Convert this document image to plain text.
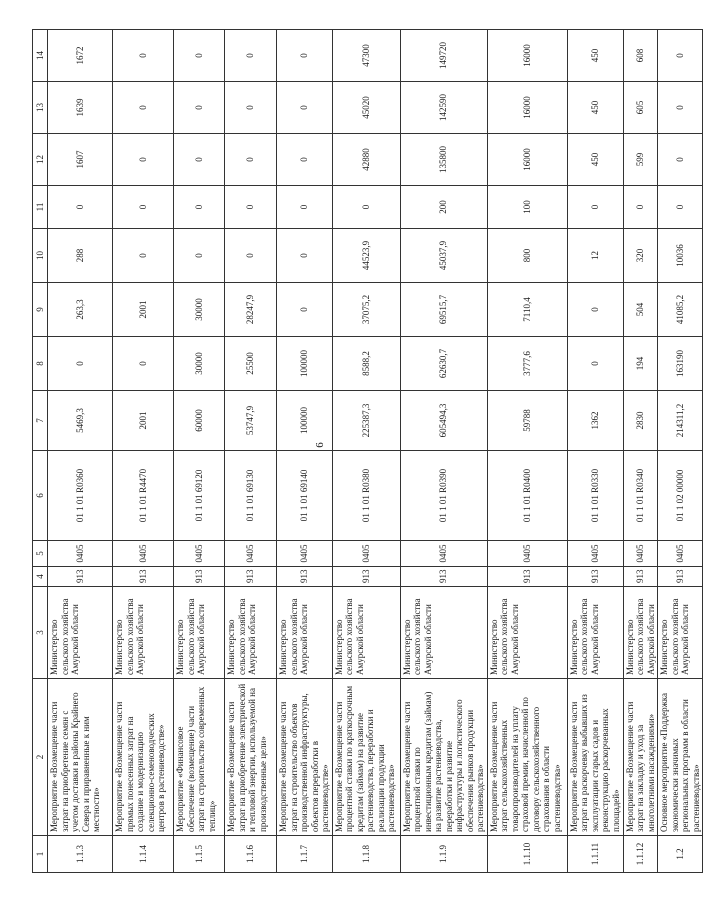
6
1	2	3	4	5	6	7	8	9	10	11	12	13	14
1.1.3	Мероприятие «Возмещение части затрат на приобретение семян с учетом доставки в районы Крайнего Севера и приравненные к ним местности»	Министерство сельского хозяйства Амурской области	913	0405	01 1 01 R0360	5469,3	0	263,3	288	0	1607	1639	1672
1.1.4	Мероприятие «Возмещение части прямых понесенных затрат на создание и модернизацию селекционно-семеноводческих центров в растениеводстве»	Министерство сельского хозяйства Амурской области	913	0405	01 1 01 R4470	2001	0	2001	0	0	0	0	0
1.1.5	Мероприятие «Финансовое обеспечение (возмещение) части затрат на строительство современных теплиц»	Министерство сельского хозяйства Амурской области	913	0405	01 1 01 69120	60000	30000	30000	0	0	0	0	0
1.1.6	Мероприятие «Возмещение части затрат на приобретение электрической и тепловой энергии, используемой на производственные цели»	Министерство сельского хозяйства Амурской области	913	0405	01 1 01 69130	53747,9	25500	28247,9	0	0	0	0	0
1.1.7	Мероприятие «Возмещение части затрат на строительство объектов производственной инфраструктуры, объектов переработки в растениеводстве»	Министерство сельского хозяйства Амурской области	913	0405	01 1 01 69140	100000	100000	0	0	0	0	0	0
1.1.8	Мероприятие «Возмещение части процентной ставки по краткосрочным кредитам (займам) на развитие растениеводства, переработки и реализации продукции растениеводства»	Министерство сельского хозяйства Амурской области	913	0405	01 1 01 R0380	225387,3	8588,2	37075,2	44523,9	0	42880	45020	47300
1.1.9	Мероприятие «Возмещение части процентной ставки по инвестиционным кредитам (займам) на развитие растениеводства, переработки и развитие инфраструктуры и логистического обеспечения рынков продукции растениеводства»	Министерство сельского хозяйства Амурской области	913	0405	01 1 01 R0390	605494,3	62630,7	69515,7	45037,9	200	135800	142590	149720
1.1.10	Мероприятие «Возмещение части затрат сельскохозяйственных товаропроизводителей на уплату страховой премии, начисленной по договору сельскохозяйственного страхования в области растениеводства»	Министерство сельского хозяйства Амурской области	913	0405	01 1 01 R0400	59788	3777,6	7110,4	800	100	16000	16000	16000
1.1.11	Мероприятие «Возмещение части затрат на раскорчевку выбывших из эксплуатации старых садов и реконструкцию раскорчеванных площадей»	Министерство сельского хозяйства Амурской области	913	0405	01 1 01 R0330	1362	0	0	12	0	450	450	450
1.1.12	Мероприятие «Возмещение части затрат на закладку и уход за многолетними насаждениями»	Министерство сельского хозяйства Амурской области	913	0405	01 1 01 R0340	2830	194	504	320	0	599	605	608
1.2	Основное мероприятие «Поддержка экономически значимых региональных программ в области растениеводства»	Министерство сельского хозяйства Амурской области	913	0405	01 1 02 00000	214311,2	163190	41085,2	10036	0	0	0	0
